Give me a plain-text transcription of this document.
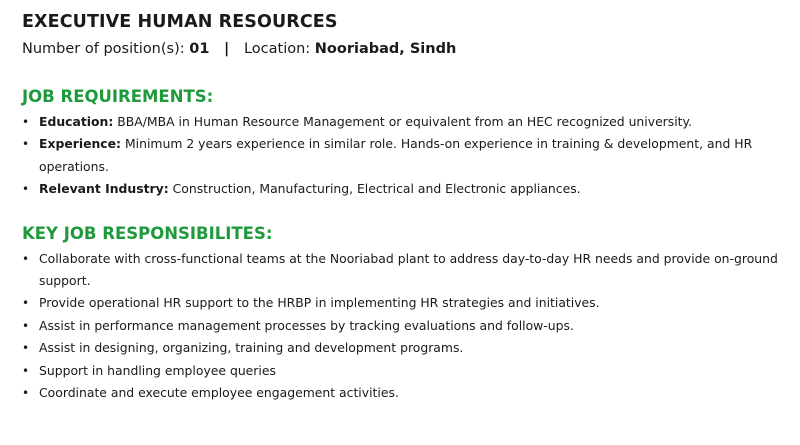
EXECUTIVE HUMAN RESOURCES
Number of position(s): 01 | Location: Nooriabad, Sindh
JOB REQUIREMENTS:
• Education: BBA/MBA in Human Resource Management or equivalent from an HEC recognized university.
• Experience: Minimum 2 years experience in similar role. Hands-on experience in training & development, and HR operations.
• Relevant Industry: Construction, Manufacturing, Electrical and Electronic appliances.
KEY JOB RESPONSIBILITES:
• Collaborate with cross-functional teams at the Nooriabad plant to address day-to-day HR needs and provide on-ground support.
• Provide operational HR support to the HRBP in implementing HR strategies and initiatives.
• Assist in performance management processes by tracking evaluations and follow-ups.
• Assist in designing, organizing, training and development programs.
• Support in handling employee queries
• Coordinate and execute employee engagement activities.
